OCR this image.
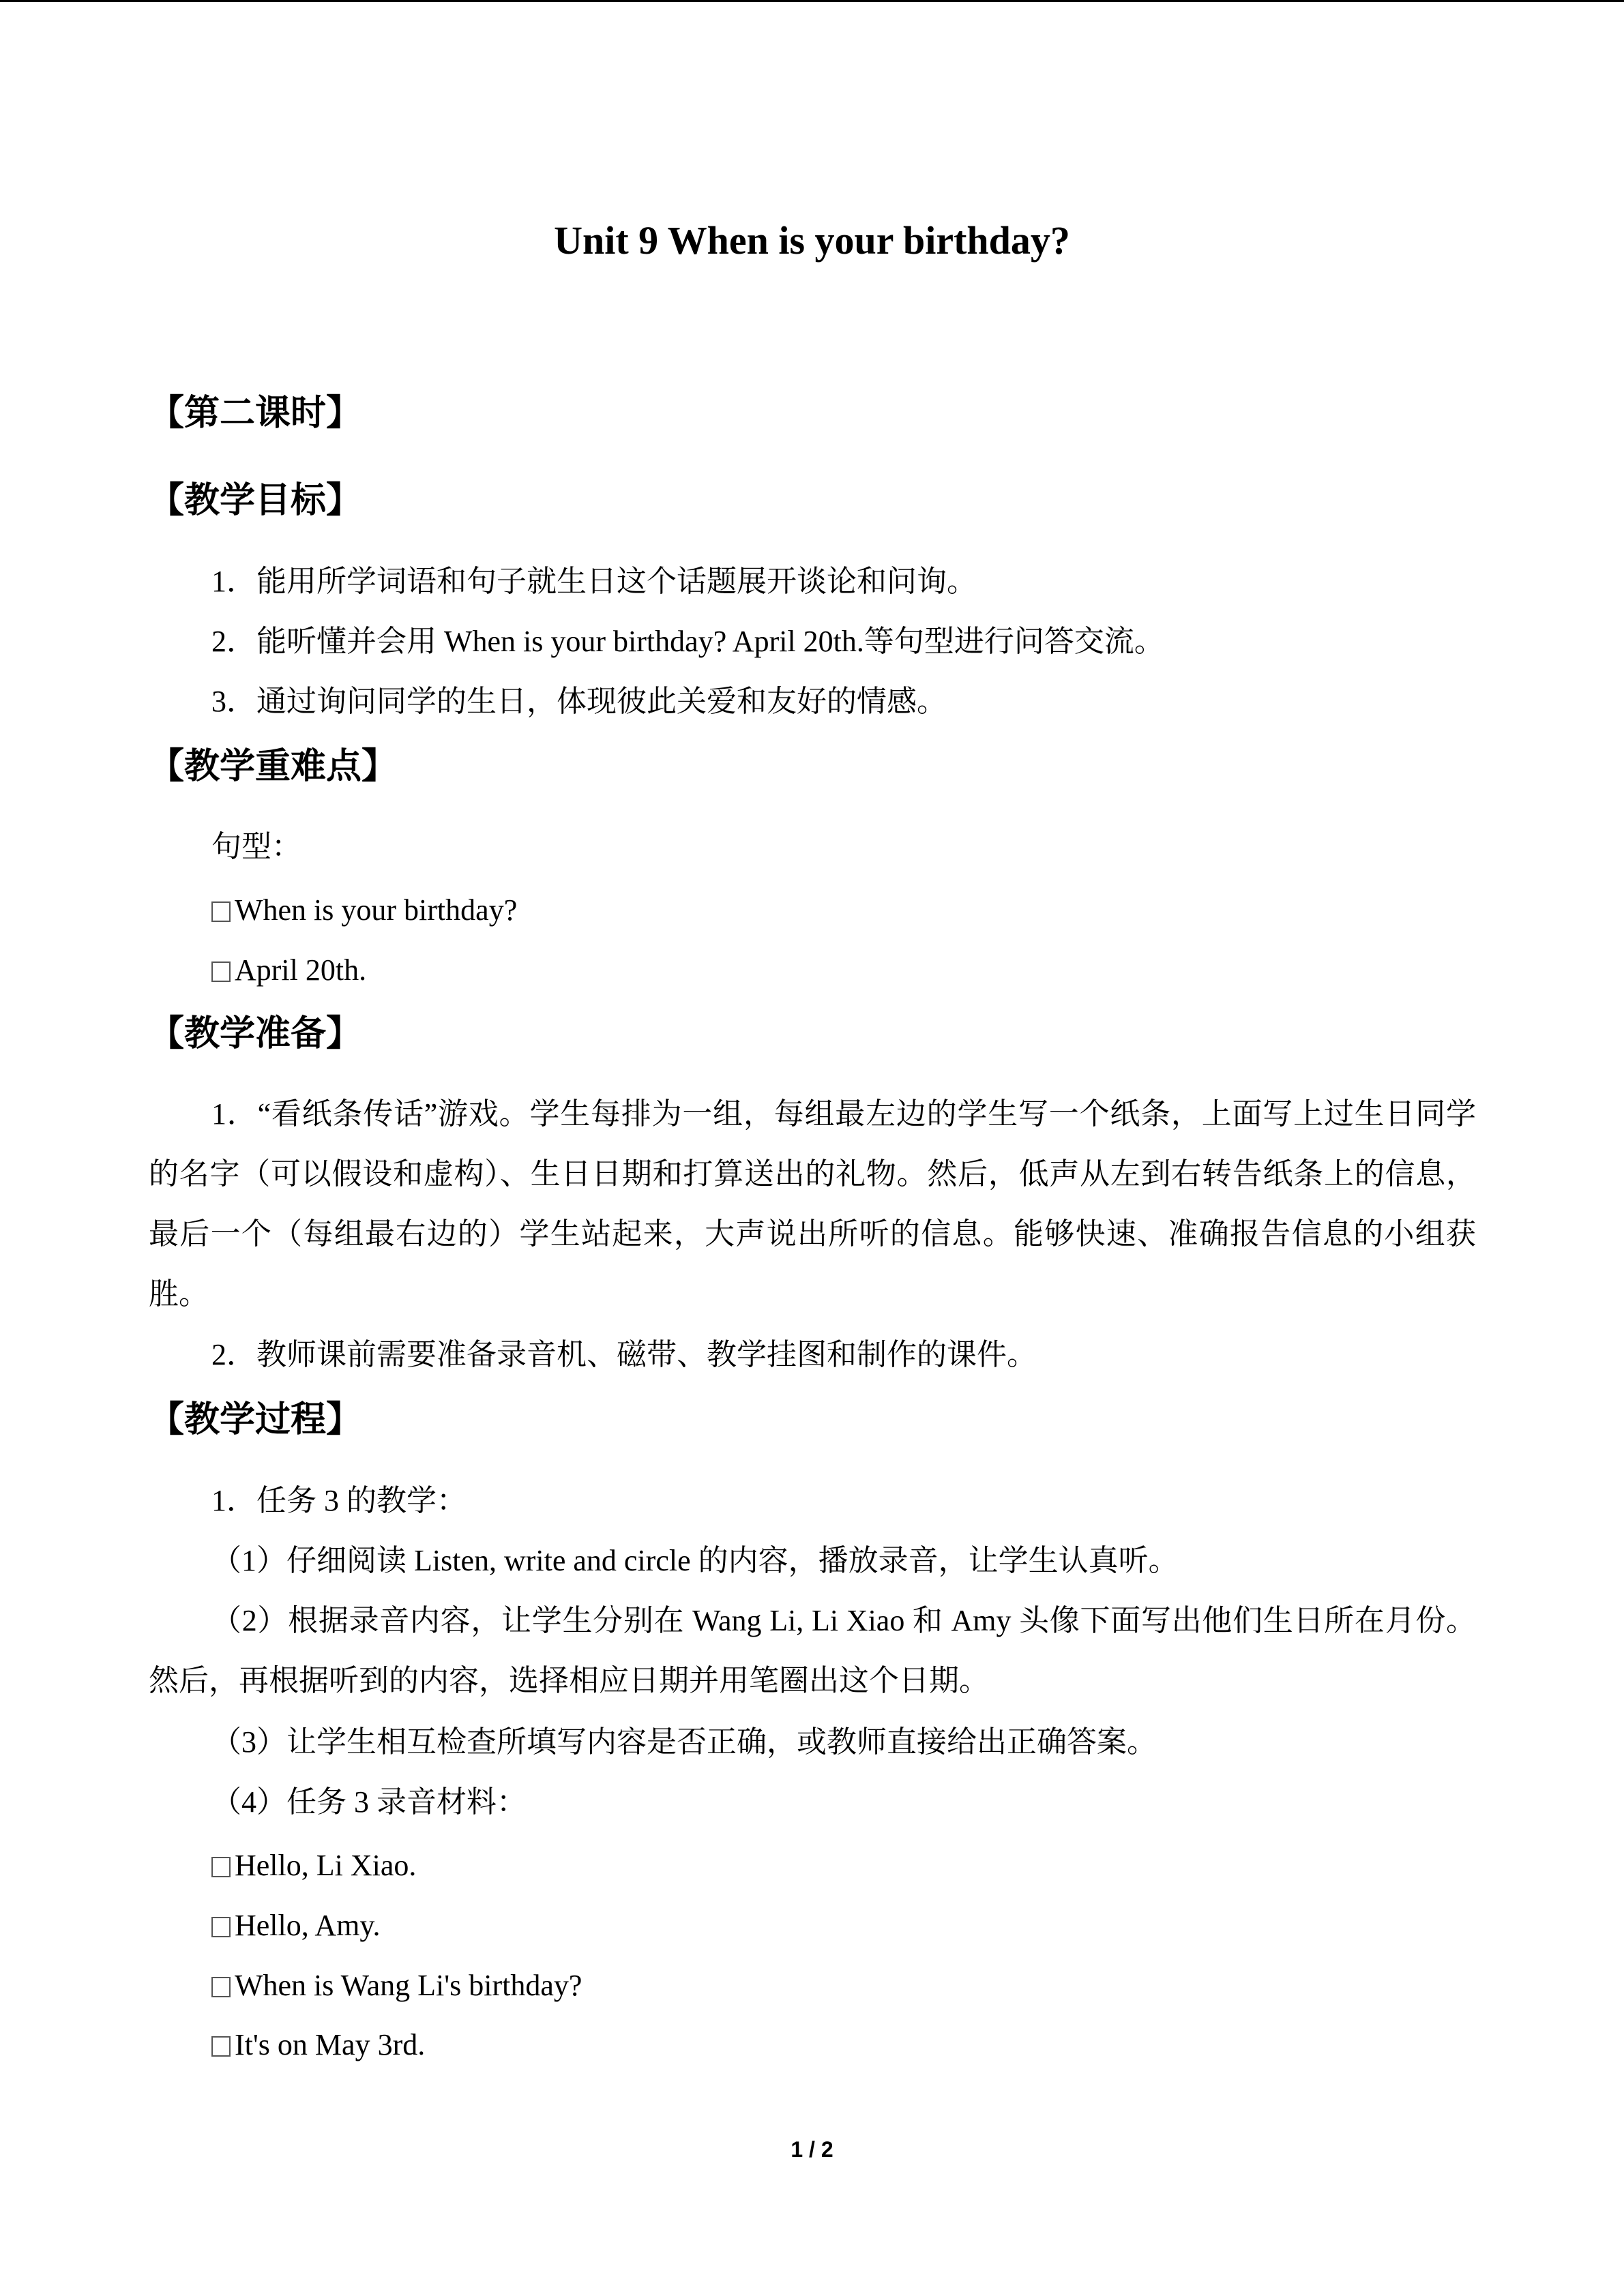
Unit 9 When is your birthday?
【第二课时】
【教学目标】
1．能用所学词语和句子就生日这个话题展开谈论和问询。
2．能听懂并会用 When is your birthday? April 20th.等句型进行问答交流。
3．通过询问同学的生日，体现彼此关爱和友好的情感。
【教学重难点】
句型：
When is your birthday?
April 20th.
【教学准备】
1．“看纸条传话”游戏。学生每排为一组，每组最左边的学生写一个纸条，上面写上过生日同学的名字（可以假设和虚构）、生日日期和打算送出的礼物。然后，低声从左到右转告纸条上的信息，最后一个（每组最右边的）学生站起来，大声说出所听的信息。能够快速、准确报告信息的小组获胜。
2．教师课前需要准备录音机、磁带、教学挂图和制作的课件。
【教学过程】
1．任务 3 的教学：
（1）仔细阅读 Listen, write and circle 的内容，播放录音，让学生认真听。
（2）根据录音内容，让学生分别在 Wang Li, Li Xiao 和 Amy 头像下面写出他们生日所在月份。然后，再根据听到的内容，选择相应日期并用笔圈出这个日期。
（3）让学生相互检查所填写内容是否正确，或教师直接给出正确答案。
（4）任务 3 录音材料：
Hello, Li Xiao.
Hello, Amy.
When is Wang Li's birthday?
It's on May 3rd.
1 / 2
